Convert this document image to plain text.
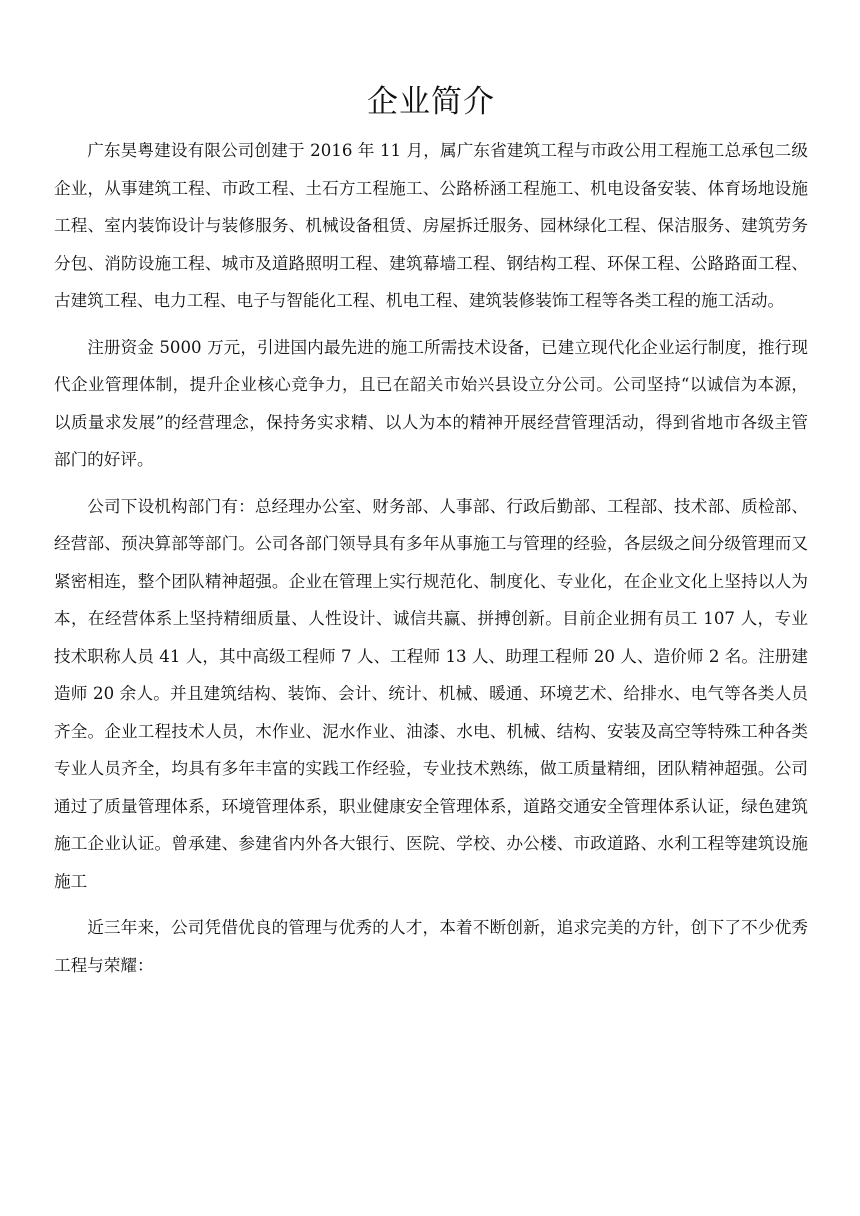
企业简介

广东昊粤建设有限公司创建于 2016 年 11 月，属广东省建筑工程与市政公用工程施工总承包二级企业，从事建筑工程、市政工程、土石方工程施工、公路桥涵工程施工、机电设备安装、体育场地设施工程、室内装饰设计与装修服务、机械设备租赁、房屋拆迁服务、园林绿化工程、保洁服务、建筑劳务分包、消防设施工程、城市及道路照明工程、建筑幕墙工程、钢结构工程、环保工程、公路路面工程、古建筑工程、电力工程、电子与智能化工程、机电工程、建筑装修装饰工程等各类工程的施工活动。

注册资金 5000 万元，引进国内最先进的施工所需技术设备，已建立现代化企业运行制度，推行现代企业管理体制，提升企业核心竞争力，且已在韶关市始兴县设立分公司。公司坚持“以诚信为本源，以质量求发展”的经营理念，保持务实求精、以人为本的精神开展经营管理活动，得到省地市各级主管部门的好评。

公司下设机构部门有：总经理办公室、财务部、人事部、行政后勤部、工程部、技术部、质检部、经营部、预决算部等部门。公司各部门领导具有多年从事施工与管理的经验，各层级之间分级管理而又紧密相连，整个团队精神超强。企业在管理上实行规范化、制度化、专业化，在企业文化上坚持以人为本，在经营体系上坚持精细质量、人性设计、诚信共赢、拼搏创新。目前企业拥有员工 107 人，专业技术职称人员 41 人，其中高级工程师 7 人、工程师 13 人、助理工程师 20 人、造价师 2 名。注册建造师 20 余人。并且建筑结构、装饰、会计、统计、机械、暖通、环境艺术、给排水、电气等各类人员齐全。企业工程技术人员，木作业、泥水作业、油漆、水电、机械、结构、安装及高空等特殊工种各类专业人员齐全，均具有多年丰富的实践工作经验，专业技术熟练，做工质量精细，团队精神超强。公司通过了质量管理体系，环境管理体系，职业健康安全管理体系，道路交通安全管理体系认证，绿色建筑施工企业认证。曾承建、参建省内外各大银行、医院、学校、办公楼、市政道路、水利工程等建筑设施施工

近三年来，公司凭借优良的管理与优秀的人才，本着不断创新，追求完美的方针，创下了不少优秀工程与荣耀：
